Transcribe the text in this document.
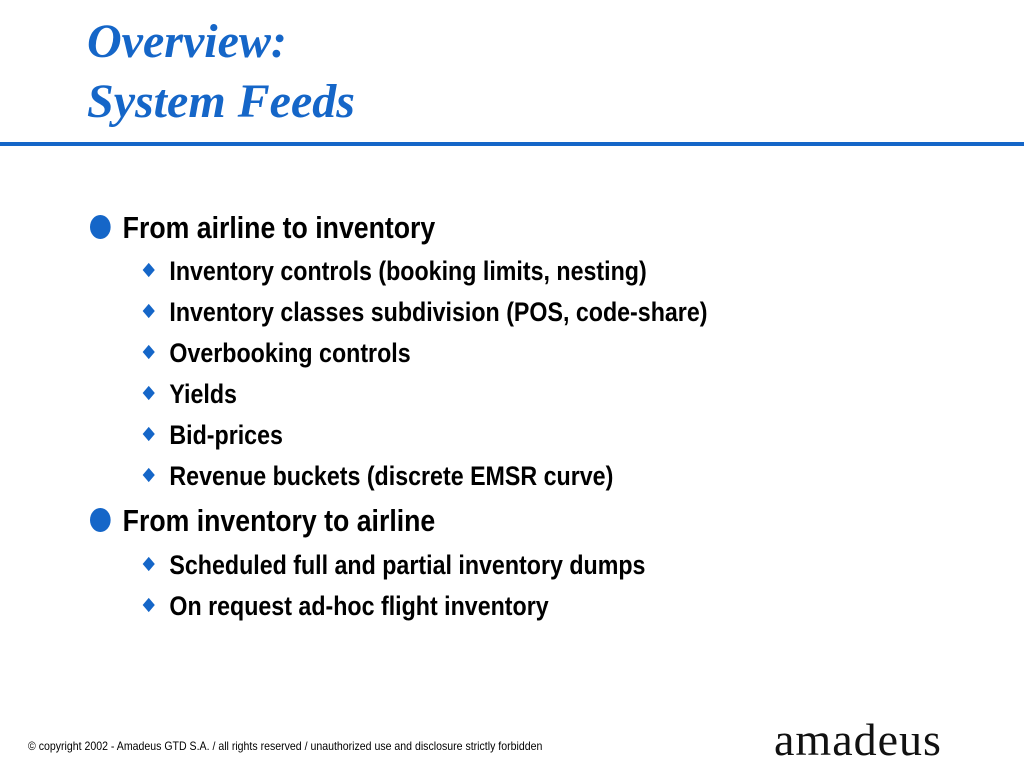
Overview:
System Feeds
From airline to inventory
Inventory controls (booking limits, nesting)
Inventory classes subdivision (POS, code-share)
Overbooking controls
Yields
Bid-prices
Revenue buckets (discrete EMSR curve)
From inventory to airline
Scheduled full and partial inventory dumps
On request ad-hoc flight inventory
© copyright 2002 - Amadeus GTD S.A. / all rights reserved / unauthorized use and disclosure strictly forbidden	amadeus
